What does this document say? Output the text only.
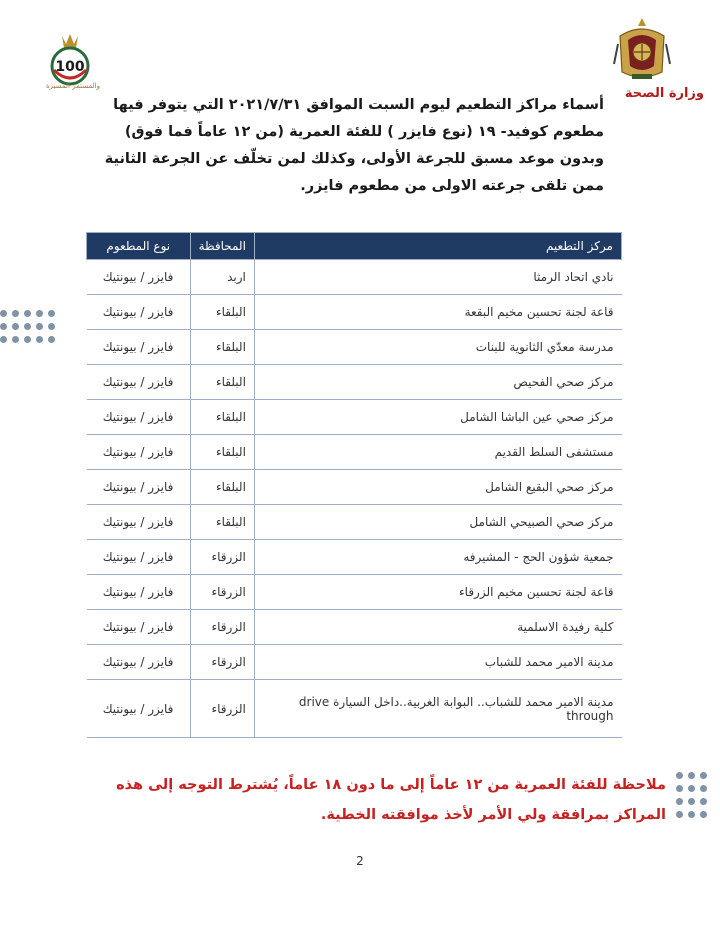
وزارة الصحة
100
والمستمر المسيرة
أسماء مراكز التطعيم ليوم السبت الموافق ٢٠٢١/٧/٣١ التي يتوفر فيها مطعوم كوفيد- ١٩ (نوع فايزر ) للفئة العمرية (من ١٢ عاماً فما فوق) وبدون موعد مسبق للجرعة الأولى، وكذلك لمن تخلّف عن الجرعة الثانية ممن تلقى جرعته الاولى من مطعوم فايزر.
مركز التطعيم	المحافظة	نوع المطعوم
نادي اتحاد الرمثا	اربد	فايزر / بيونتيك
قاعة لجنة تحسين مخيم البقعة	البلقاء	فايزر / بيونتيك
مدرسة معدّي الثانوية للبنات	البلقاء	فايزر / بيونتيك
مركز صحي الفحيص	البلقاء	فايزر / بيونتيك
مركز صحي عين الباشا الشامل	البلقاء	فايزر / بيونتيك
مستشفى السلط القديم	البلقاء	فايزر / بيونتيك
مركز صحي البقيع الشامل	البلقاء	فايزر / بيونتيك
مركز صحي الصبيحي الشامل	البلقاء	فايزر / بيونتيك
جمعية شؤون الحج - المشيرفه	الزرقاء	فايزر / بيونتيك
قاعة لجنة تحسين مخيم الزرقاء	الزرقاء	فايزر / بيونتيك
كلية رفيدة الاسلمية	الزرقاء	فايزر / بيونتيك
مدينة الامير محمد للشباب	الزرقاء	فايزر / بيونتيك
مدينة الامير محمد للشباب.. البوابة الغربية..داخل السيارة drive through	الزرقاء	فايزر / بيونتيك
ملاحظة للفئة العمرية من ١٢ عاماً إلى ما دون ١٨ عاماً، يُشترط التوجه إلى هذه المراكز بمرافقة ولي الأمر لأخذ موافقته الخطية.
2
